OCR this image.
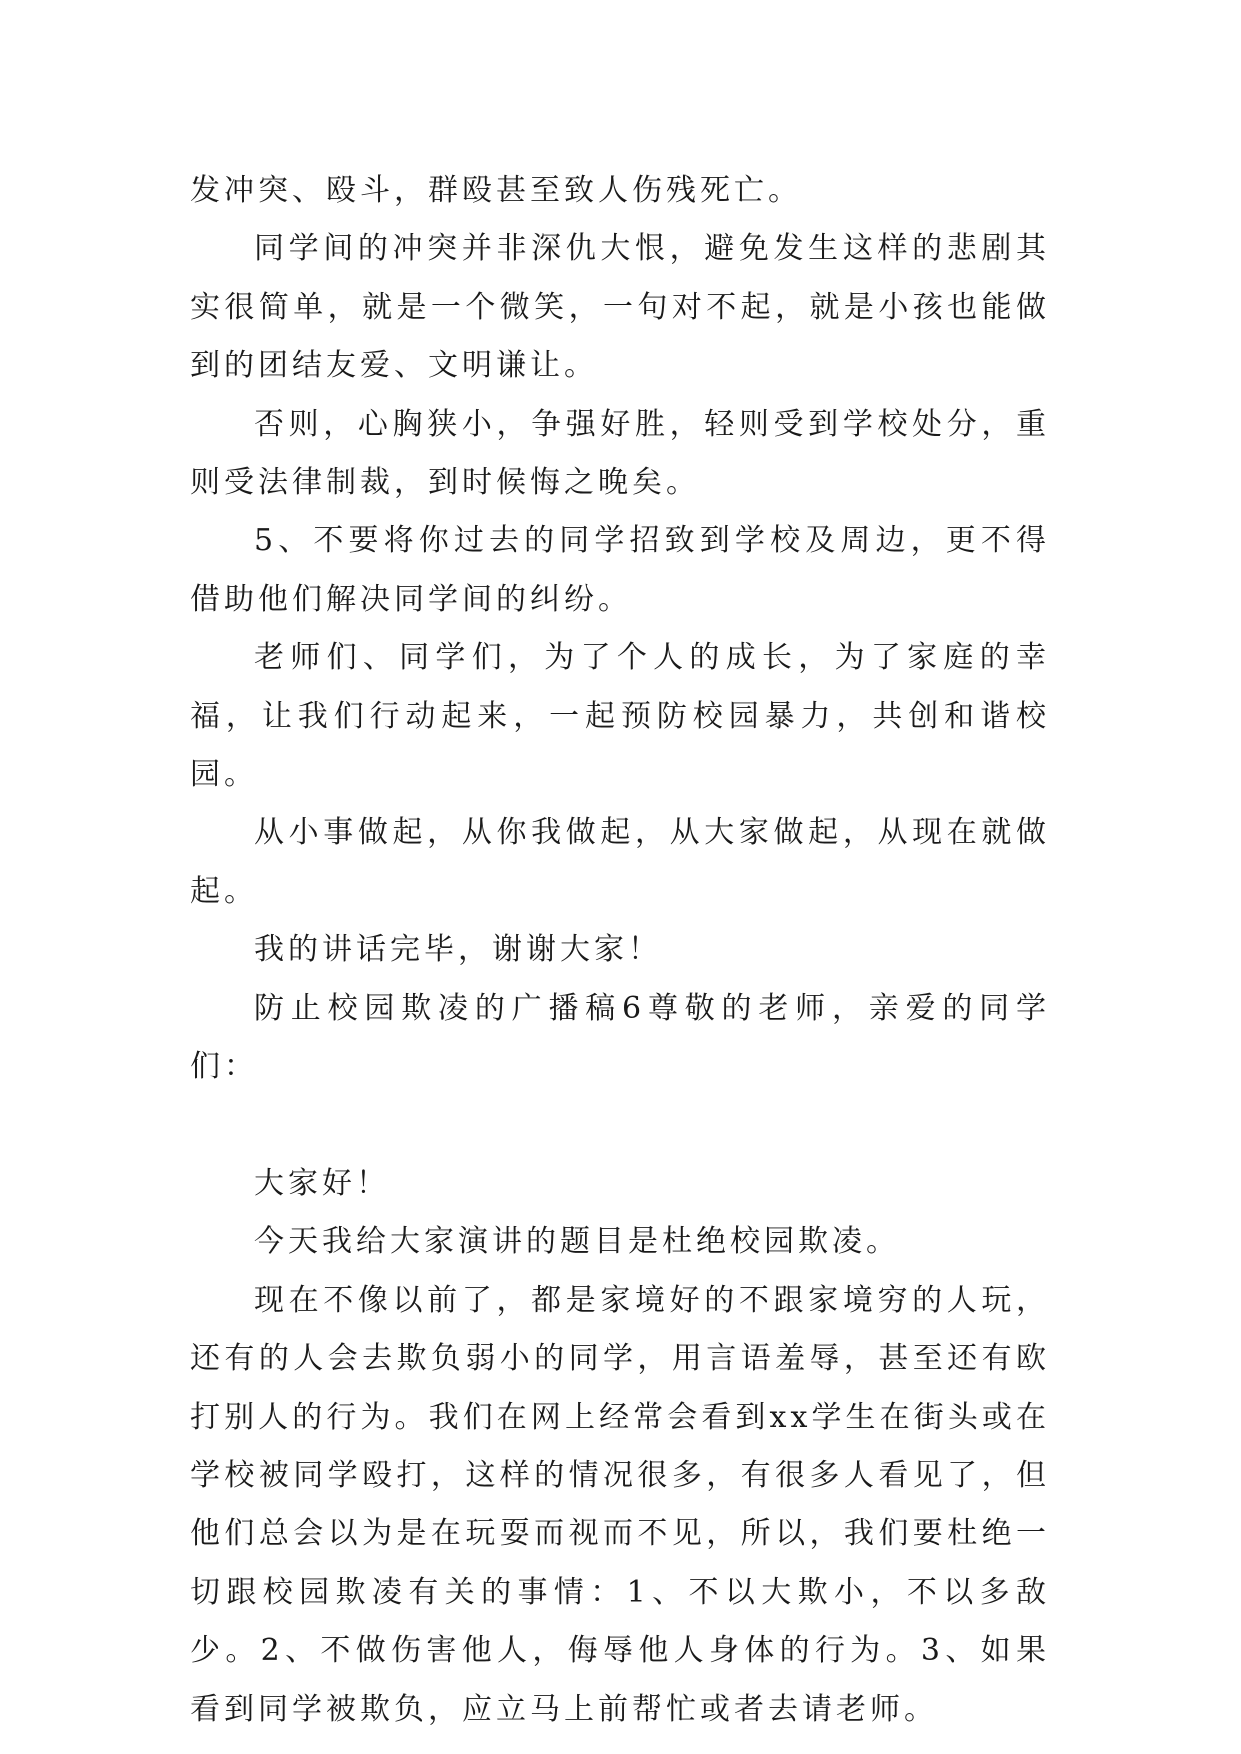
发冲突、殴斗，群殴甚至致人伤残死亡。

同学间的冲突并非深仇大恨，避免发生这样的悲剧其实很简单，就是一个微笑，一句对不起，就是小孩也能做到的团结友爱、文明谦让。

否则，心胸狭小，争强好胜，轻则受到学校处分，重则受法律制裁，到时候悔之晚矣。

5、不要将你过去的同学招致到学校及周边，更不得借助他们解决同学间的纠纷。

老师们、同学们，为了个人的成长，为了家庭的幸福，让我们行动起来，一起预防校园暴力，共创和谐校园。

从小事做起，从你我做起，从大家做起，从现在就做起。

我的讲话完毕，谢谢大家！

防止校园欺凌的广播稿6尊敬的老师，亲爱的同学们：

大家好！

今天我给大家演讲的题目是杜绝校园欺凌。

现在不像以前了，都是家境好的不跟家境穷的人玩，还有的人会去欺负弱小的同学，用言语羞辱，甚至还有欧打别人的行为。我们在网上经常会看到xx学生在街头或在学校被同学殴打，这样的情况很多，有很多人看见了，但他们总会以为是在玩耍而视而不见，所以，我们要杜绝一切跟校园欺凌有关的事情：1、不以大欺小，不以多敌少。2、不做伤害他人，侮辱他人身体的行为。3、如果看到同学被欺负，应立马上前帮忙或者去请老师。
